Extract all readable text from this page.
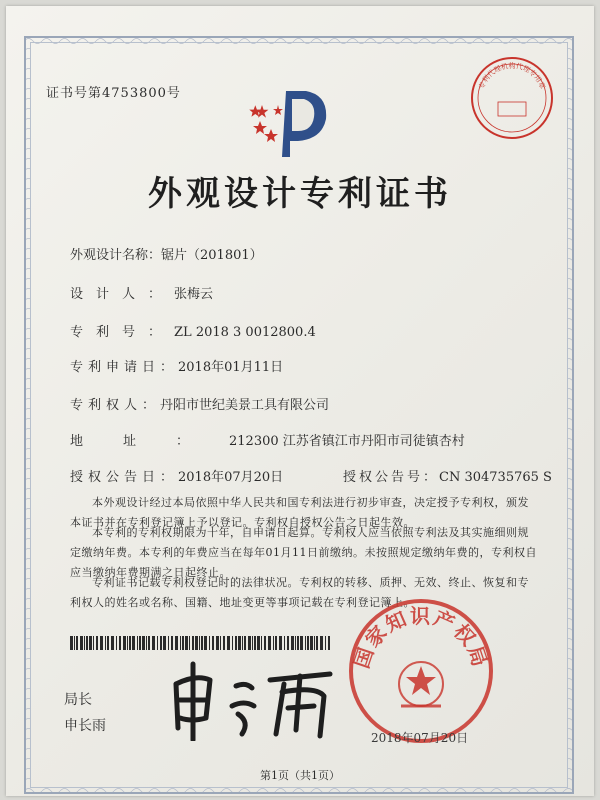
证书号第4753800号
专利代理机构代理专用章
外观设计专利证书
外观设计名称：锯片（201801）
设计人：张梅云
专利号：ZL 2018 3 0012800.4
专利申请日：2018年01月11日
专利权人：丹阳市世纪美景工具有限公司
地址：212300 江苏省镇江市丹阳市司徒镇杏村
授权公告日：2018年07月20日	授权公告号：CN 304735765 S
本外观设计经过本局依照中华人民共和国专利法进行初步审查，决定授予专利权，颁发本证书并在专利登记簿上予以登记。专利权自授权公告之日起生效。
本专利的专利权期限为十年，自申请日起算。专利权人应当依照专利法及其实施细则规定缴纳年费。本专利的年费应当在每年01月11日前缴纳。未按照规定缴纳年费的，专利权自应当缴纳年费期满之日起终止。
专利证书记载专利权登记时的法律状况。专利权的转移、质押、无效、终止、恢复和专利权人的姓名或名称、国籍、地址变更等事项记载在专利登记簿上。
局长
申长雨
国家知识产权局
2018年07月20日
第1页（共1页）
